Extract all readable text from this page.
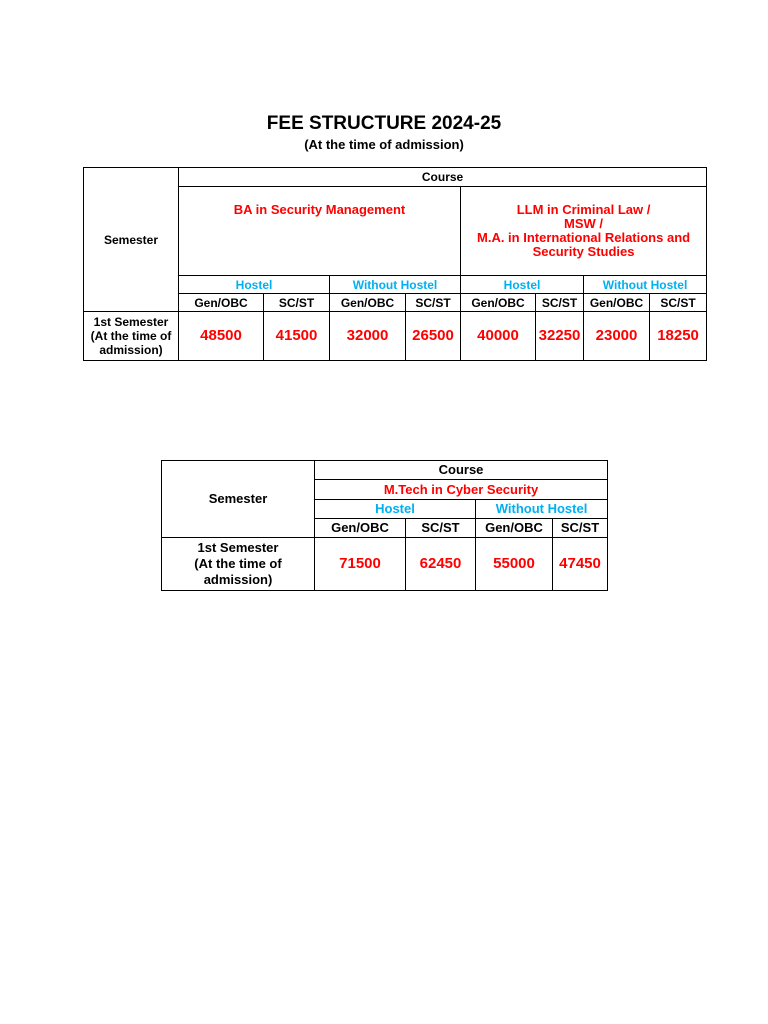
FEE STRUCTURE 2024-25
(At the time of admission)
Semester	Course							
	BA in Security Management				LLM in Criminal Law /
MSW /
M.A. in International Relations and
Security Studies			

	Hostel		Without Hostel		Hostel		Without Hostel	
	Gen/OBC	SC/ST	Gen/OBC	SC/ST	Gen/OBC	SC/ST	Gen/OBC	SC/ST

1st Semester
(At the time of
admission)	48500	41500	32000	26500	40000	32250	23000	18250
Semester	Course			
	M.Tech in Cyber Security			
	Hostel		Without Hostel	
	Gen/OBC	SC/ST	Gen/OBC	SC/ST

1st Semester
(At the time of
admission)	71500	62450	55000	47450
